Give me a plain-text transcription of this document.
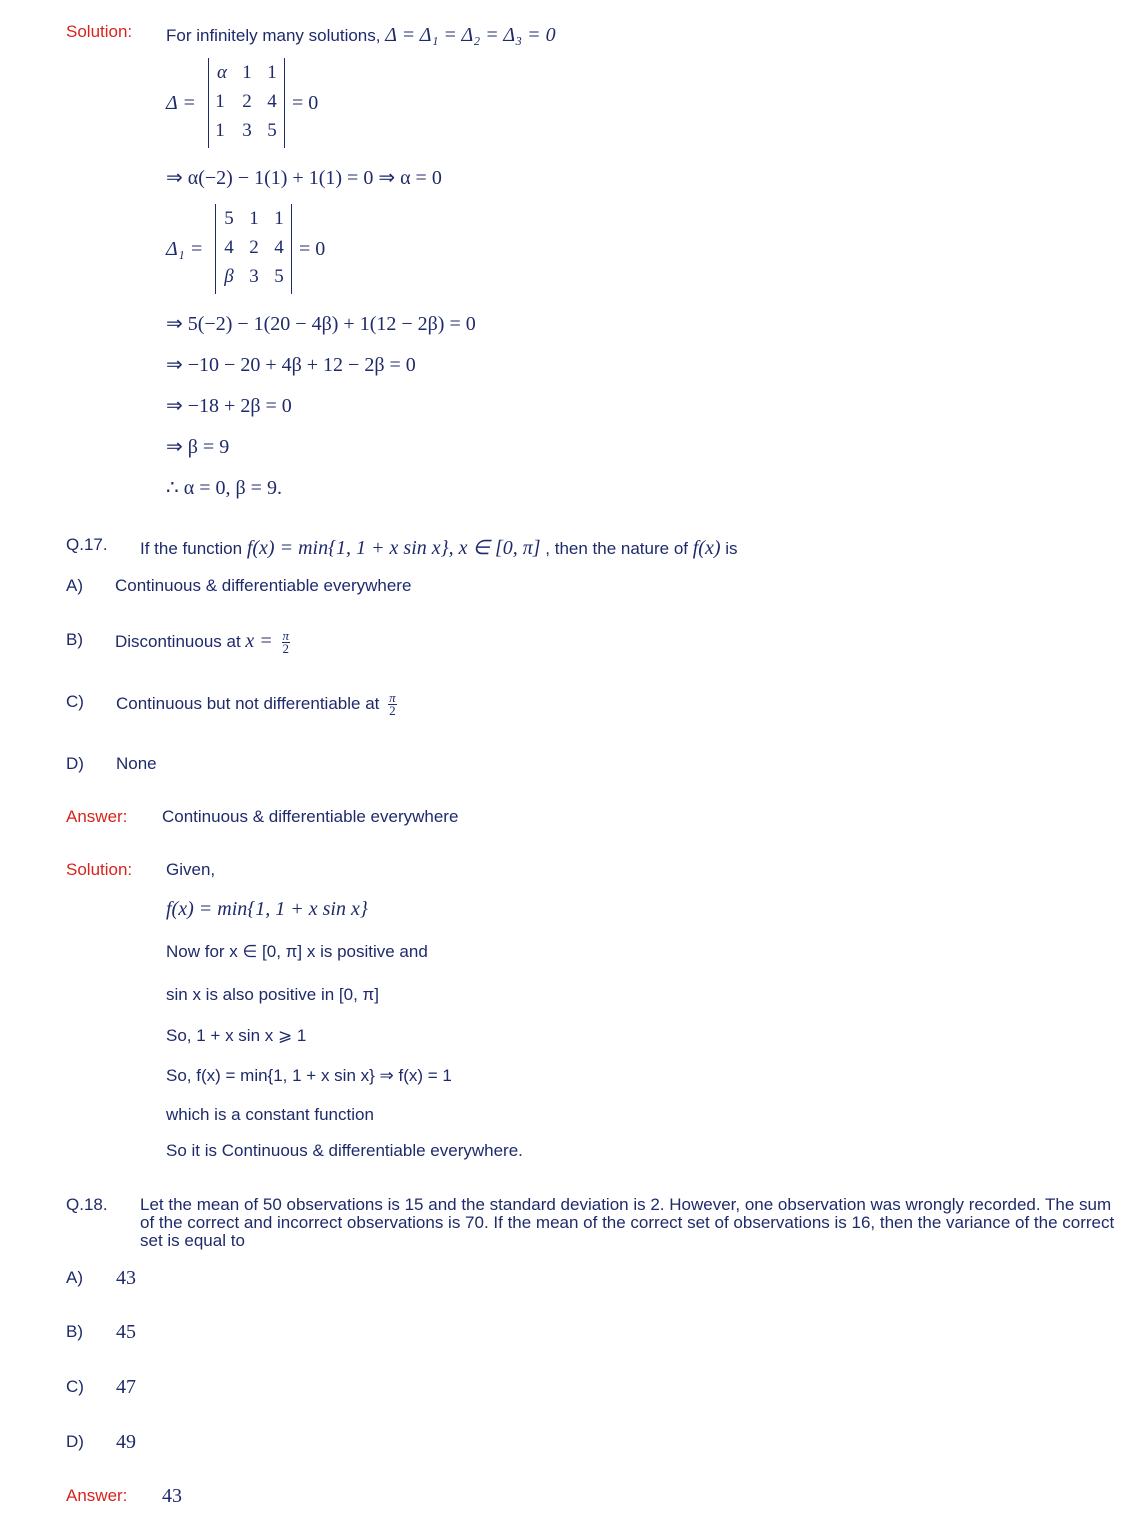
Solution: For infinitely many solutions, Δ = Δ₁ = Δ₂ = Δ₃ = 0
Δ =
α 1 1
1 2 4
1 3 5
= 0
⇒ α(−2) − 1(1) + 1(1) = 0 ⇒ α = 0
Δ₁ =
5 1 1
4 2 4
β 3 5
= 0
⇒ 5(−2) − 1(20 − 4β) + 1(12 − 2β) = 0
⇒ −10 − 20 + 4β + 12 − 2β = 0
⇒ −18 + 2β = 0
⇒ β = 9
∴ α = 0, β = 9.
Q.17. If the function f(x) = min{1, 1 + x sin x}, x ∈ [0, π] , then the nature of f(x) is
A) Continuous & differentiable everywhere
B) Discontinuous at $x = \frac{\pi}{2}$
C) Continuous but not differentiable at $\frac{\pi}{2}$
D) None
Answer: Continuous & differentiable everywhere
Solution: Given,
f(x) = min{1, 1 + x sin x}
Now for x ∈ [0, π] x is positive and
sin x is also positive in [0, π]
So, 1 + x sin x ⩾ 1
So, f(x) = min{1, 1 + x sin x} ⇒ f(x) = 1
which is a constant function
So it is Continuous & differentiable everywhere.
Q.18. Let the mean of 50 observations is 15 and the standard deviation is 2. However, one observation was wrongly recorded. The sum of the correct and incorrect observations is 70. If the mean of the correct set of observations is 16, then the variance of the correct set is equal to
A) 43
B) 45
C) 47
D) 49
Answer: 43
